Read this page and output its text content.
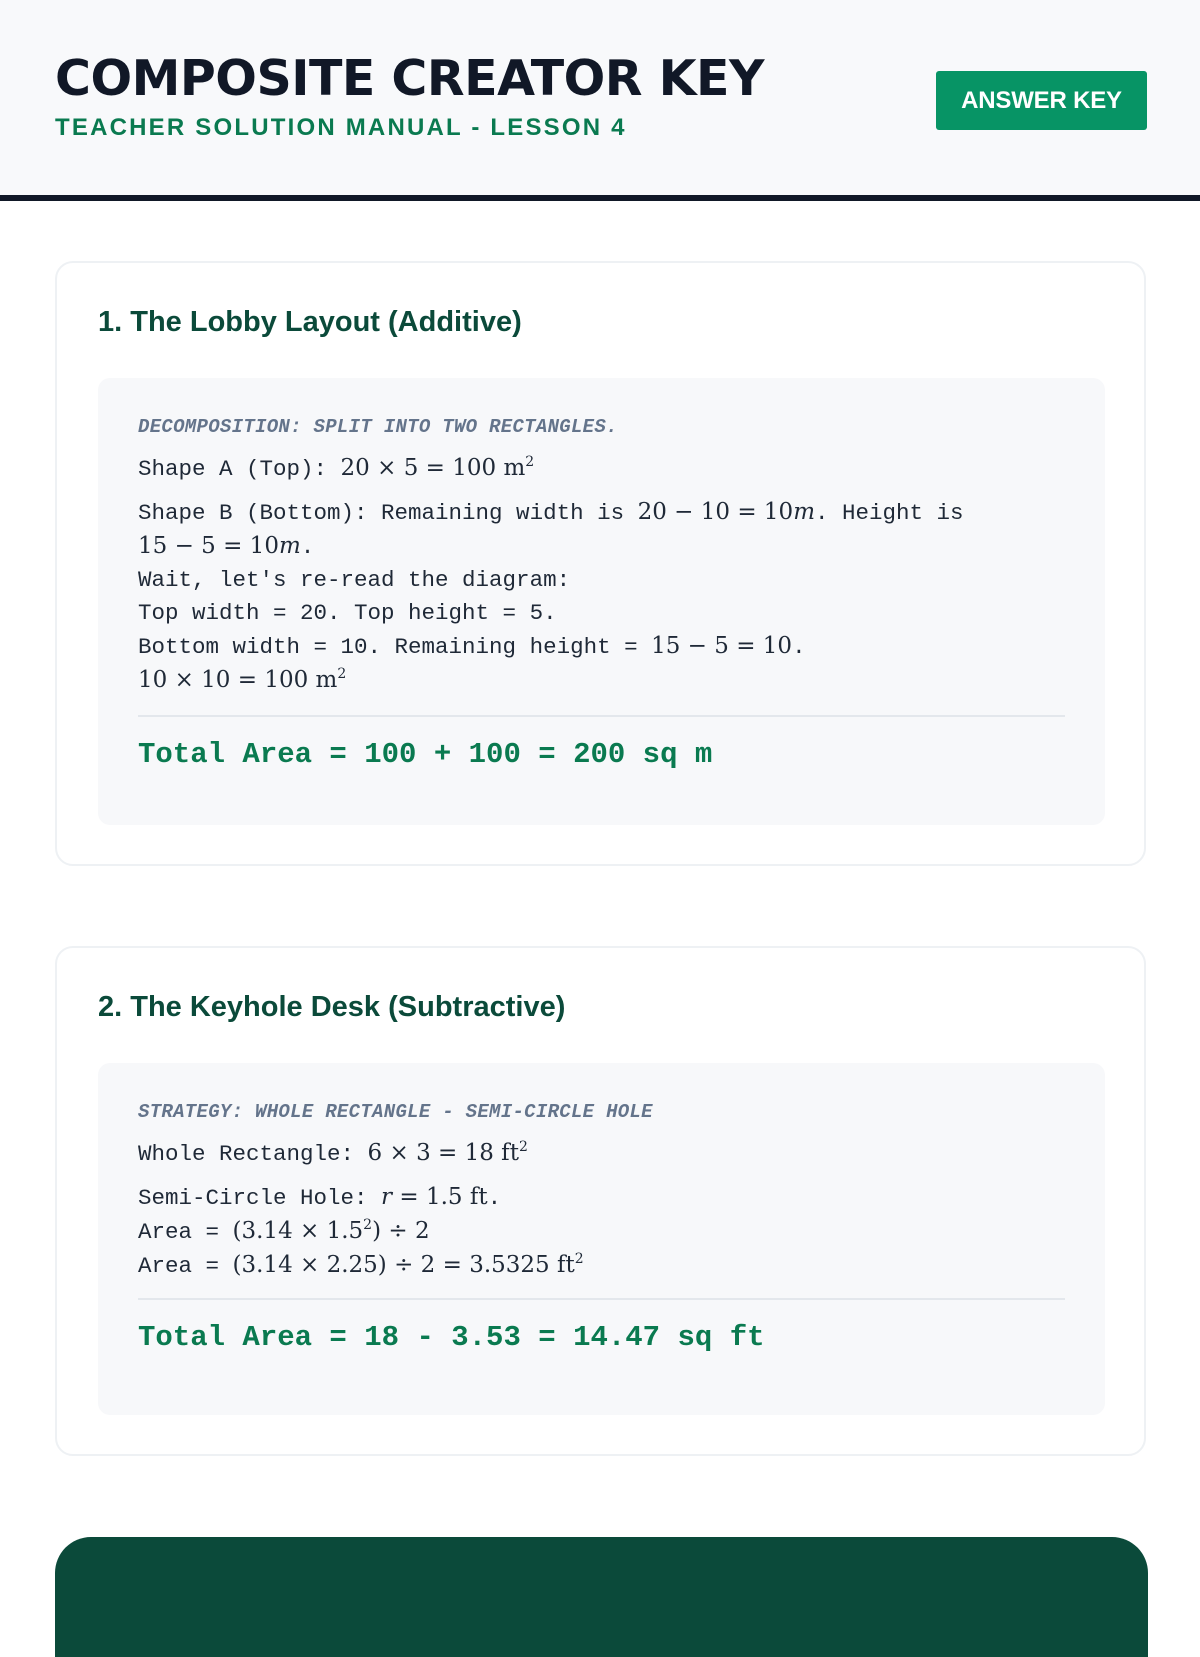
COMPOSITE CREATOR KEY
TEACHER SOLUTION MANUAL - LESSON 4
ANSWER KEY
1. The Lobby Layout (Additive)
DECOMPOSITION: SPLIT INTO TWO RECTANGLES.
Shape A (Top): 20 × 5 = 100 $m^2$
Shape B (Bottom): Remaining width is 20 − 10 = 10m. Height is
15 − 5 = 10m.
Wait, let's re-read the diagram:
Top width = 20. Top height = 5.
Bottom width = 10. Remaining height = 15 − 5 = 10.
10 × 10 = 100 $m^2$
Total Area = 100 + 100 = 200 sq m
2. The Keyhole Desk (Subtractive)
STRATEGY: WHOLE RECTANGLE - SEMI-CIRCLE HOLE
Whole Rectangle: 6 × 3 = 18 $ft^2$
Semi-Circle Hole: r = 1.5 ft.
Area = $(3.14 \times 1.5^2) \div 2$
Area = (3.14 × 2.25) ÷ 2 = 3.5325 $ft^2$
Total Area = 18 - 3.53 = 14.47 sq ft
